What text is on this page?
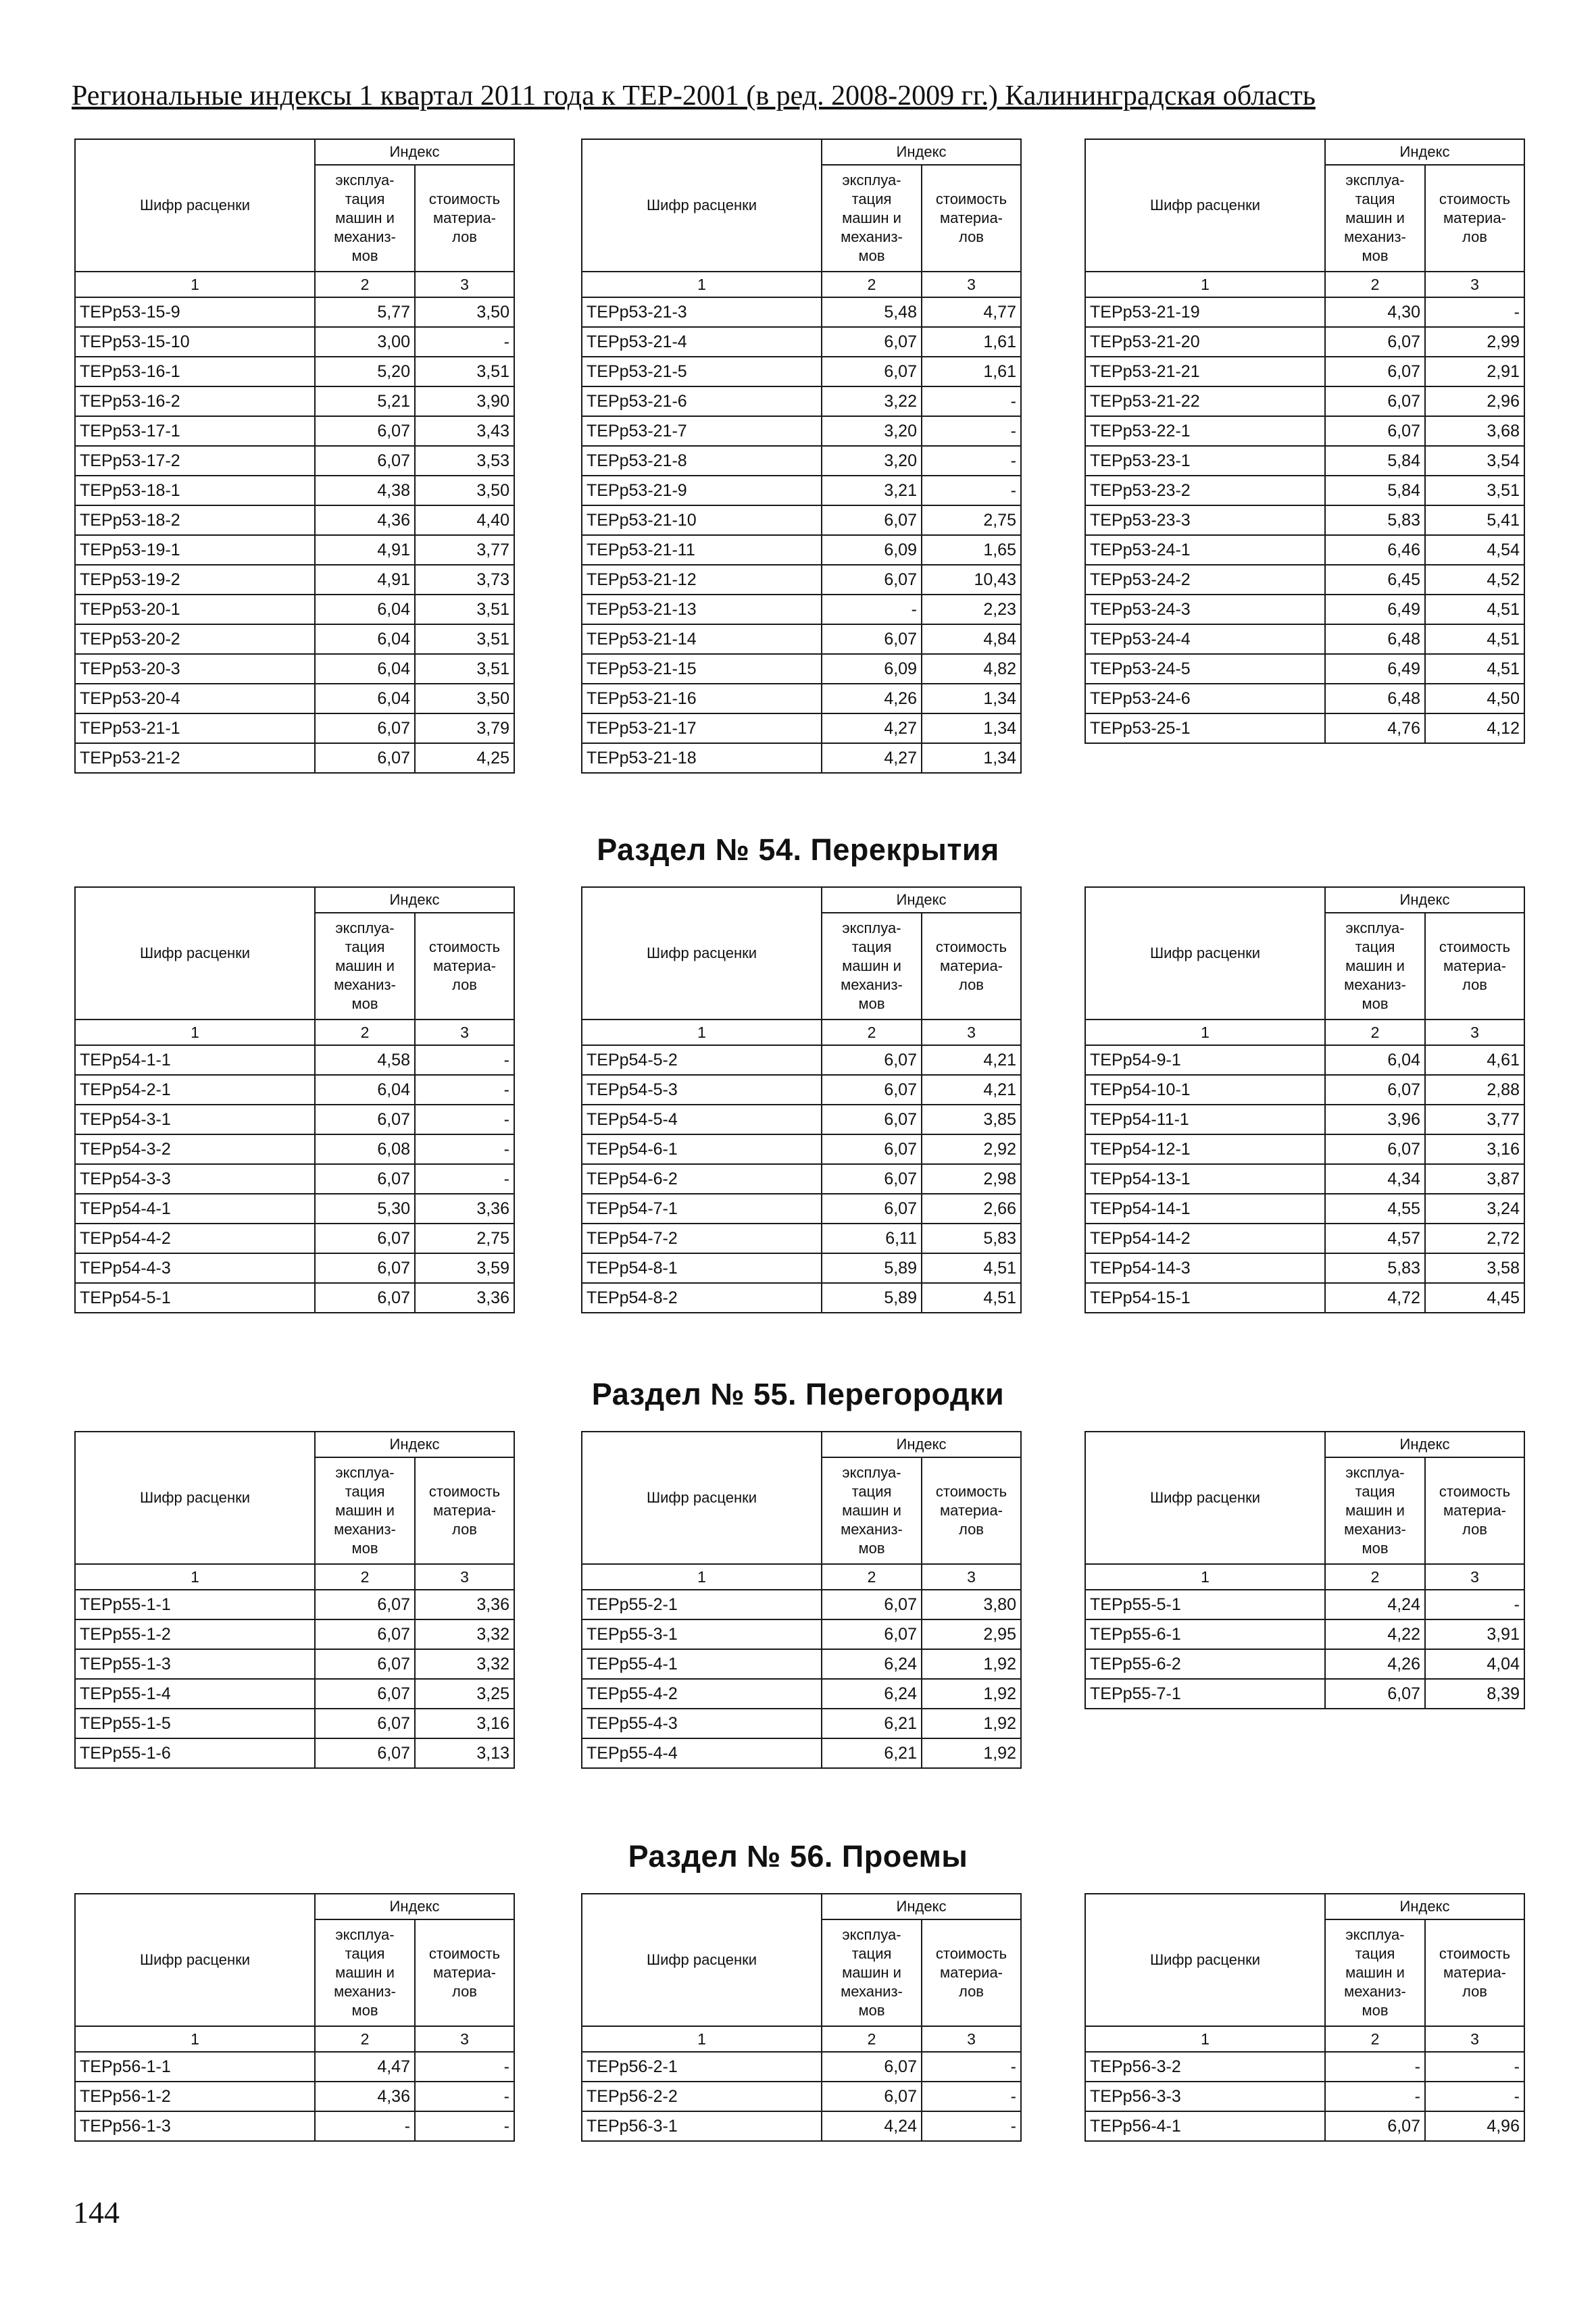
Региональные индексы 1 квартал 2011 года к ТЕР-2001 (в ред. 2008-2009 гг.) Калининградская область
Шифр расценки	Индекс	
	эксплуа-
тация
машин и
механиз-
мов	стоимость
материа-
лов
1	2	3
ТЕРр53-15-9	5,77	3,50
ТЕРр53-15-10	3,00	-
ТЕРр53-16-1	5,20	3,51
ТЕРр53-16-2	5,21	3,90
ТЕРр53-17-1	6,07	3,43
ТЕРр53-17-2	6,07	3,53
ТЕРр53-18-1	4,38	3,50
ТЕРр53-18-2	4,36	4,40
ТЕРр53-19-1	4,91	3,77
ТЕРр53-19-2	4,91	3,73
ТЕРр53-20-1	6,04	3,51
ТЕРр53-20-2	6,04	3,51
ТЕРр53-20-3	6,04	3,51
ТЕРр53-20-4	6,04	3,50
ТЕРр53-21-1	6,07	3,79
ТЕРр53-21-2	6,07	4,25
Шифр расценки	Индекс	
	эксплуа-
тация
машин и
механиз-
мов	стоимость
материа-
лов
1	2	3
ТЕРр53-21-3	5,48	4,77
ТЕРр53-21-4	6,07	1,61
ТЕРр53-21-5	6,07	1,61
ТЕРр53-21-6	3,22	-
ТЕРр53-21-7	3,20	-
ТЕРр53-21-8	3,20	-
ТЕРр53-21-9	3,21	-
ТЕРр53-21-10	6,07	2,75
ТЕРр53-21-11	6,09	1,65
ТЕРр53-21-12	6,07	10,43
ТЕРр53-21-13	-	2,23
ТЕРр53-21-14	6,07	4,84
ТЕРр53-21-15	6,09	4,82
ТЕРр53-21-16	4,26	1,34
ТЕРр53-21-17	4,27	1,34
ТЕРр53-21-18	4,27	1,34
Шифр расценки	Индекс	
	эксплуа-
тация
машин и
механиз-
мов	стоимость
материа-
лов
1	2	3
ТЕРр53-21-19	4,30	-
ТЕРр53-21-20	6,07	2,99
ТЕРр53-21-21	6,07	2,91
ТЕРр53-21-22	6,07	2,96
ТЕРр53-22-1	6,07	3,68
ТЕРр53-23-1	5,84	3,54
ТЕРр53-23-2	5,84	3,51
ТЕРр53-23-3	5,83	5,41
ТЕРр53-24-1	6,46	4,54
ТЕРр53-24-2	6,45	4,52
ТЕРр53-24-3	6,49	4,51
ТЕРр53-24-4	6,48	4,51
ТЕРр53-24-5	6,49	4,51
ТЕРр53-24-6	6,48	4,50
ТЕРр53-25-1	4,76	4,12
Раздел № 54. Перекрытия
Шифр расценки	Индекс	
	эксплуа-
тация
машин и
механиз-
мов	стоимость
материа-
лов
1	2	3
ТЕРр54-1-1	4,58	-
ТЕРр54-2-1	6,04	-
ТЕРр54-3-1	6,07	-
ТЕРр54-3-2	6,08	-
ТЕРр54-3-3	6,07	-
ТЕРр54-4-1	5,30	3,36
ТЕРр54-4-2	6,07	2,75
ТЕРр54-4-3	6,07	3,59
ТЕРр54-5-1	6,07	3,36
Шифр расценки	Индекс	
	эксплуа-
тация
машин и
механиз-
мов	стоимость
материа-
лов
1	2	3
ТЕРр54-5-2	6,07	4,21
ТЕРр54-5-3	6,07	4,21
ТЕРр54-5-4	6,07	3,85
ТЕРр54-6-1	6,07	2,92
ТЕРр54-6-2	6,07	2,98
ТЕРр54-7-1	6,07	2,66
ТЕРр54-7-2	6,11	5,83
ТЕРр54-8-1	5,89	4,51
ТЕРр54-8-2	5,89	4,51
Шифр расценки	Индекс	
	эксплуа-
тация
машин и
механиз-
мов	стоимость
материа-
лов
1	2	3
ТЕРр54-9-1	6,04	4,61
ТЕРр54-10-1	6,07	2,88
ТЕРр54-11-1	3,96	3,77
ТЕРр54-12-1	6,07	3,16
ТЕРр54-13-1	4,34	3,87
ТЕРр54-14-1	4,55	3,24
ТЕРр54-14-2	4,57	2,72
ТЕРр54-14-3	5,83	3,58
ТЕРр54-15-1	4,72	4,45
Раздел № 55. Перегородки
Шифр расценки	Индекс	
	эксплуа-
тация
машин и
механиз-
мов	стоимость
материа-
лов
1	2	3
ТЕРр55-1-1	6,07	3,36
ТЕРр55-1-2	6,07	3,32
ТЕРр55-1-3	6,07	3,32
ТЕРр55-1-4	6,07	3,25
ТЕРр55-1-5	6,07	3,16
ТЕРр55-1-6	6,07	3,13
Шифр расценки	Индекс	
	эксплуа-
тация
машин и
механиз-
мов	стоимость
материа-
лов
1	2	3
ТЕРр55-2-1	6,07	3,80
ТЕРр55-3-1	6,07	2,95
ТЕРр55-4-1	6,24	1,92
ТЕРр55-4-2	6,24	1,92
ТЕРр55-4-3	6,21	1,92
ТЕРр55-4-4	6,21	1,92
Шифр расценки	Индекс	
	эксплуа-
тация
машин и
механиз-
мов	стоимость
материа-
лов
1	2	3
ТЕРр55-5-1	4,24	-
ТЕРр55-6-1	4,22	3,91
ТЕРр55-6-2	4,26	4,04
ТЕРр55-7-1	6,07	8,39
Раздел № 56. Проемы
Шифр расценки	Индекс	
	эксплуа-
тация
машин и
механиз-
мов	стоимость
материа-
лов
1	2	3
ТЕРр56-1-1	4,47	-
ТЕРр56-1-2	4,36	-
ТЕРр56-1-3	-	-
Шифр расценки	Индекс	
	эксплуа-
тация
машин и
механиз-
мов	стоимость
материа-
лов
1	2	3
ТЕРр56-2-1	6,07	-
ТЕРр56-2-2	6,07	-
ТЕРр56-3-1	4,24	-
Шифр расценки	Индекс	
	эксплуа-
тация
машин и
механиз-
мов	стоимость
материа-
лов
1	2	3
ТЕРр56-3-2	-	-
ТЕРр56-3-3	-	-
ТЕРр56-4-1	6,07	4,96
144
